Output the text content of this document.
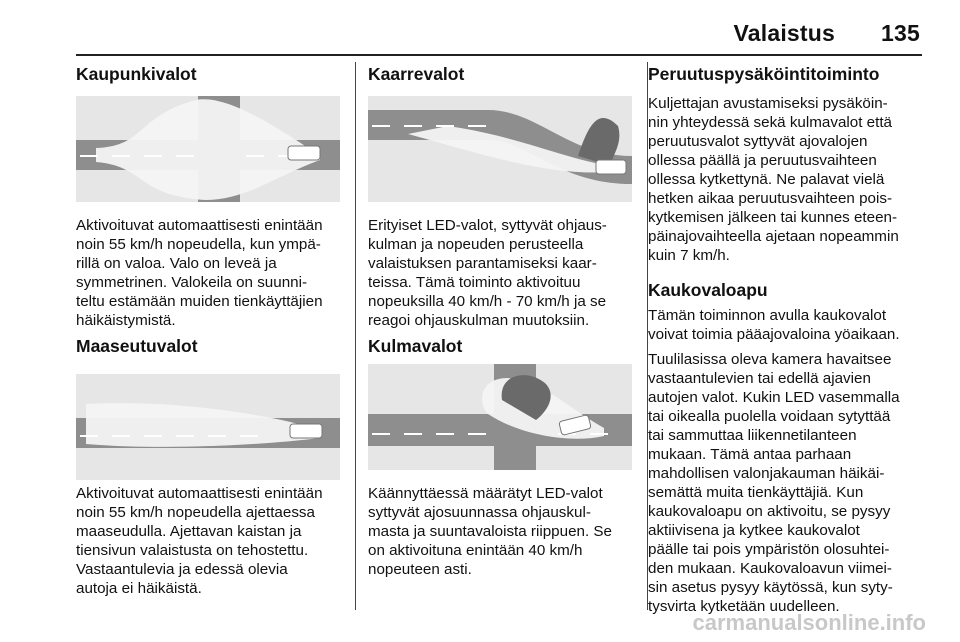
Valaistus 135
Kaupunkivalot

Aktivoituvat automaattisesti enintään
noin 55 km/h nopeudella, kun ympä-
rillä on valoa. Valo on leveä ja
symmetrinen. Valokeila on suunni-
teltu estämään muiden tienkäyttäjien
häikäistymistä.

Maaseutuvalot

Aktivoituvat automaattisesti enintään
noin 55 km/h nopeudella ajettaessa
maaseudulla. Ajettavan kaistan ja
tiensivun valaistusta on tehostettu.
Vastaantulevia ja edessä olevia
autoja ei häikäistä.

Kaarrevalot

Erityiset LED-valot, syttyvät ohjaus-
kulman ja nopeuden perusteella
valaistuksen parantamiseksi kaar-
teissa. Tämä toiminto aktivoituu
nopeuksilla 40 km/h - 70 km/h ja se
reagoi ohjauskulman muutoksiin.

Kulmavalot

Käännyttäessä määrätyt LED-valot
syttyvät ajosuunnassa ohjauskul-
masta ja suuntavaloista riippuen. Se
on aktivoituna enintään 40 km/h
nopeuteen asti.

Peruutuspysäköintitoiminto

Kuljettajan avustamiseksi pysäköin-
nin yhteydessä sekä kulmavalot että
peruutusvalot syttyvät ajovalojen
ollessa päällä ja peruutusvaihteen
ollessa kytkettynä. Ne palavat vielä
hetken aikaa peruutusvaihteen pois-
kytkemisen jälkeen tai kunnes eteen-
päinajovaihteella ajetaan nopeammin
kuin 7 km/h.

Kaukovaloapu

Tämän toiminnon avulla kaukovalot
voivat toimia pääajovaloina yöaikaan.

Tuulilasissa oleva kamera havaitsee
vastaantulevien tai edellä ajavien
autojen valot. Kukin LED vasemmalla
tai oikealla puolella voidaan sytyttää
tai sammuttaa liikennetilanteen
mukaan. Tämä antaa parhaan
mahdollisen valonjakauman häikäi-
semättä muita tienkäyttäjiä. Kun
kaukovaloapu on aktivoitu, se pysyy
aktiivisena ja kytkee kaukovalot
päälle tai pois ympäristön olosuhtei-
den mukaan. Kaukovaloavun viimei-
sin asetus pysyy käytössä, kun syty-
tysvirta kytketään uudelleen.

carmanualsonline.info
